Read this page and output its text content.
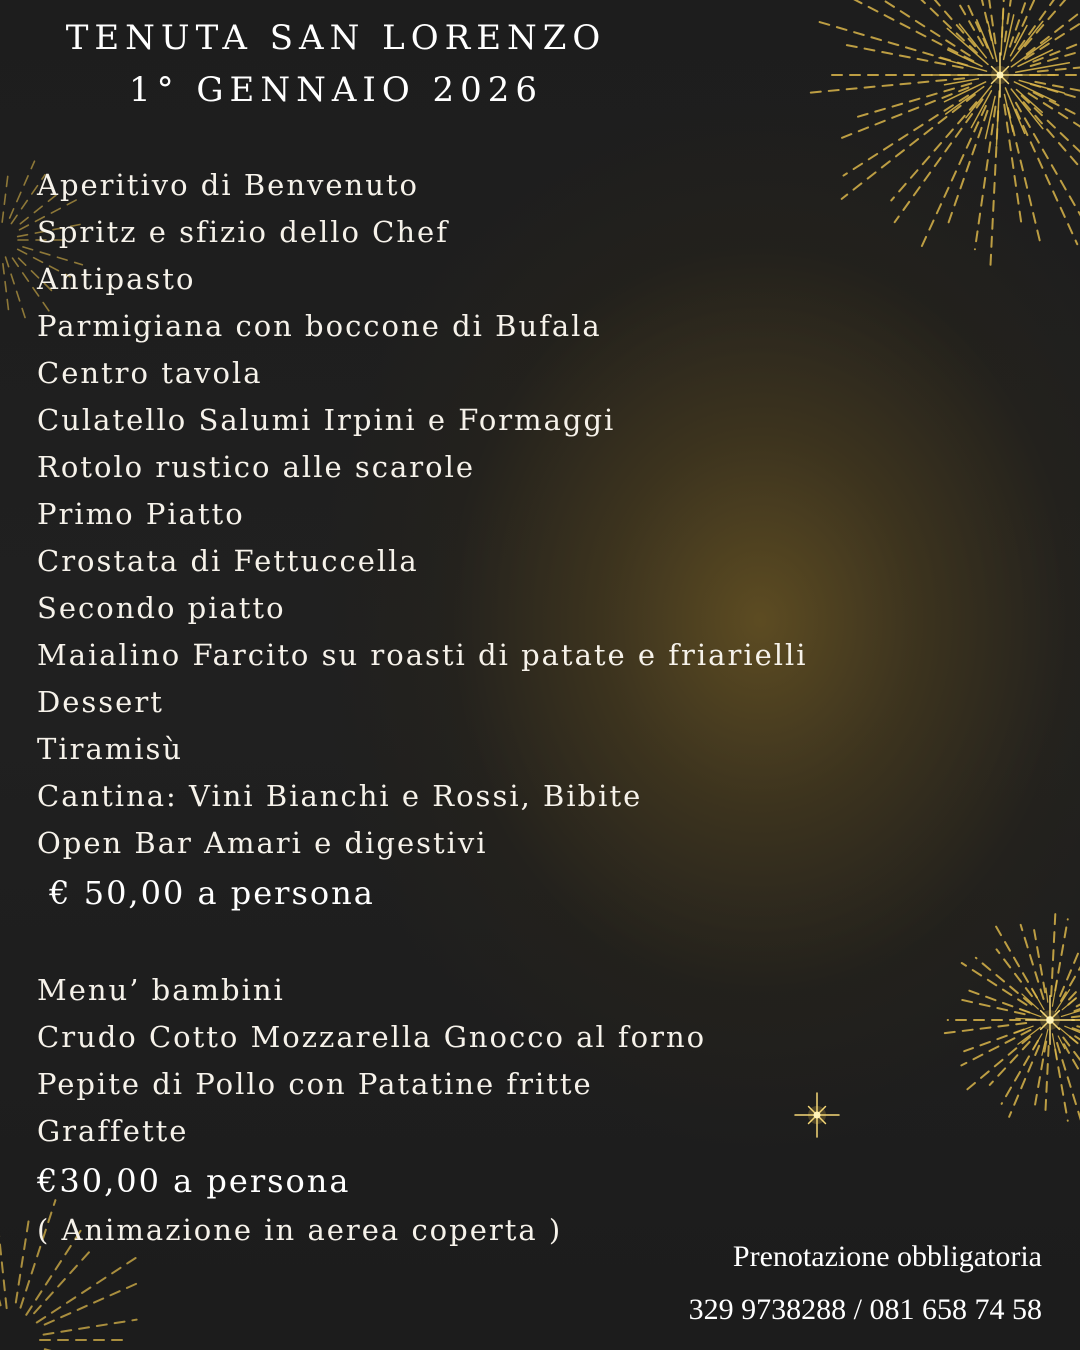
TENUTA SAN LORENZO
1° GENNAIO 2026
Aperitivo di Benvenuto
Spritz e sfizio dello Chef
Antipasto
Parmigiana con boccone di Bufala
Centro tavola
Culatello Salumi Irpini e Formaggi
Rotolo rustico alle scarole
Primo Piatto
Crostata di Fettuccella
Secondo piatto
Maialino Farcito su roasti di patate e friarielli
Dessert
Tiramisù
Cantina: Vini Bianchi e Rossi, Bibite
Open Bar Amari e digestivi
€ 50,00 a persona
Menu’ bambini
Crudo Cotto Mozzarella Gnocco al forno
Pepite di Pollo con Patatine fritte
Graffette
€30,00 a persona
( Animazione in aerea coperta )
Prenotazione obbligatoria
329 9738288 / 081 658 74 58
